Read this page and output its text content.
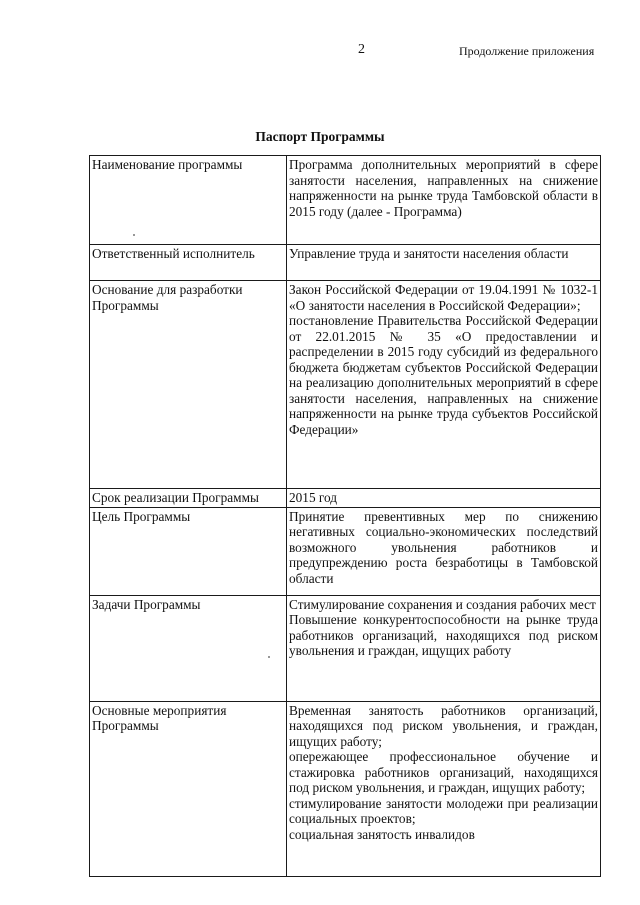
2	Продолжение приложения
Паспорт Программы
Наименование программы	Программа дополнительных мероприятий в сфере занятости населения, направленных на снижение напряженности на рынке труда Тамбовской области в 2015 году (далее - Программа)

Ответственный исполнитель	Управление труда и занятости населения области

Основание для разработки Программы	Закон Российской Федерации от 19.04.1991 № 1032-1 «О занятости населения в Российской Федерации»;

постановление Правительства Российской Федерации от 22.01.2015 № 35 «О предоставлении и распределении в 2015 году субсидий из федерального бюджета бюджетам субъектов Российской Федерации на реализацию дополнительных мероприятий в сфере занятости населения, направленных на снижение напряженности на рынке труда субъектов Российской Федерации»

Срок реализации Программы	2015 год

Цель Программы	Принятие превентивных мер по снижению негативных социально-экономических последствий возможного увольнения работников и предупреждению роста безработицы в Тамбовской области

Задачи Программы	Стимулирование сохранения и создания рабочих мест

Повышение конкурентоспособности на рынке труда работников организаций, находящихся под риском увольнения и граждан, ищущих работу

Основные мероприятия Программы	Временная занятость работников организаций, находящихся под риском увольнения, и граждан, ищущих работу;

опережающее профессиональное обучение и стажировка работников организаций, находящихся под риском увольнения, и граждан, ищущих работу;

стимулирование занятости молодежи при реализации социальных проектов;

социальная занятость инвалидов
